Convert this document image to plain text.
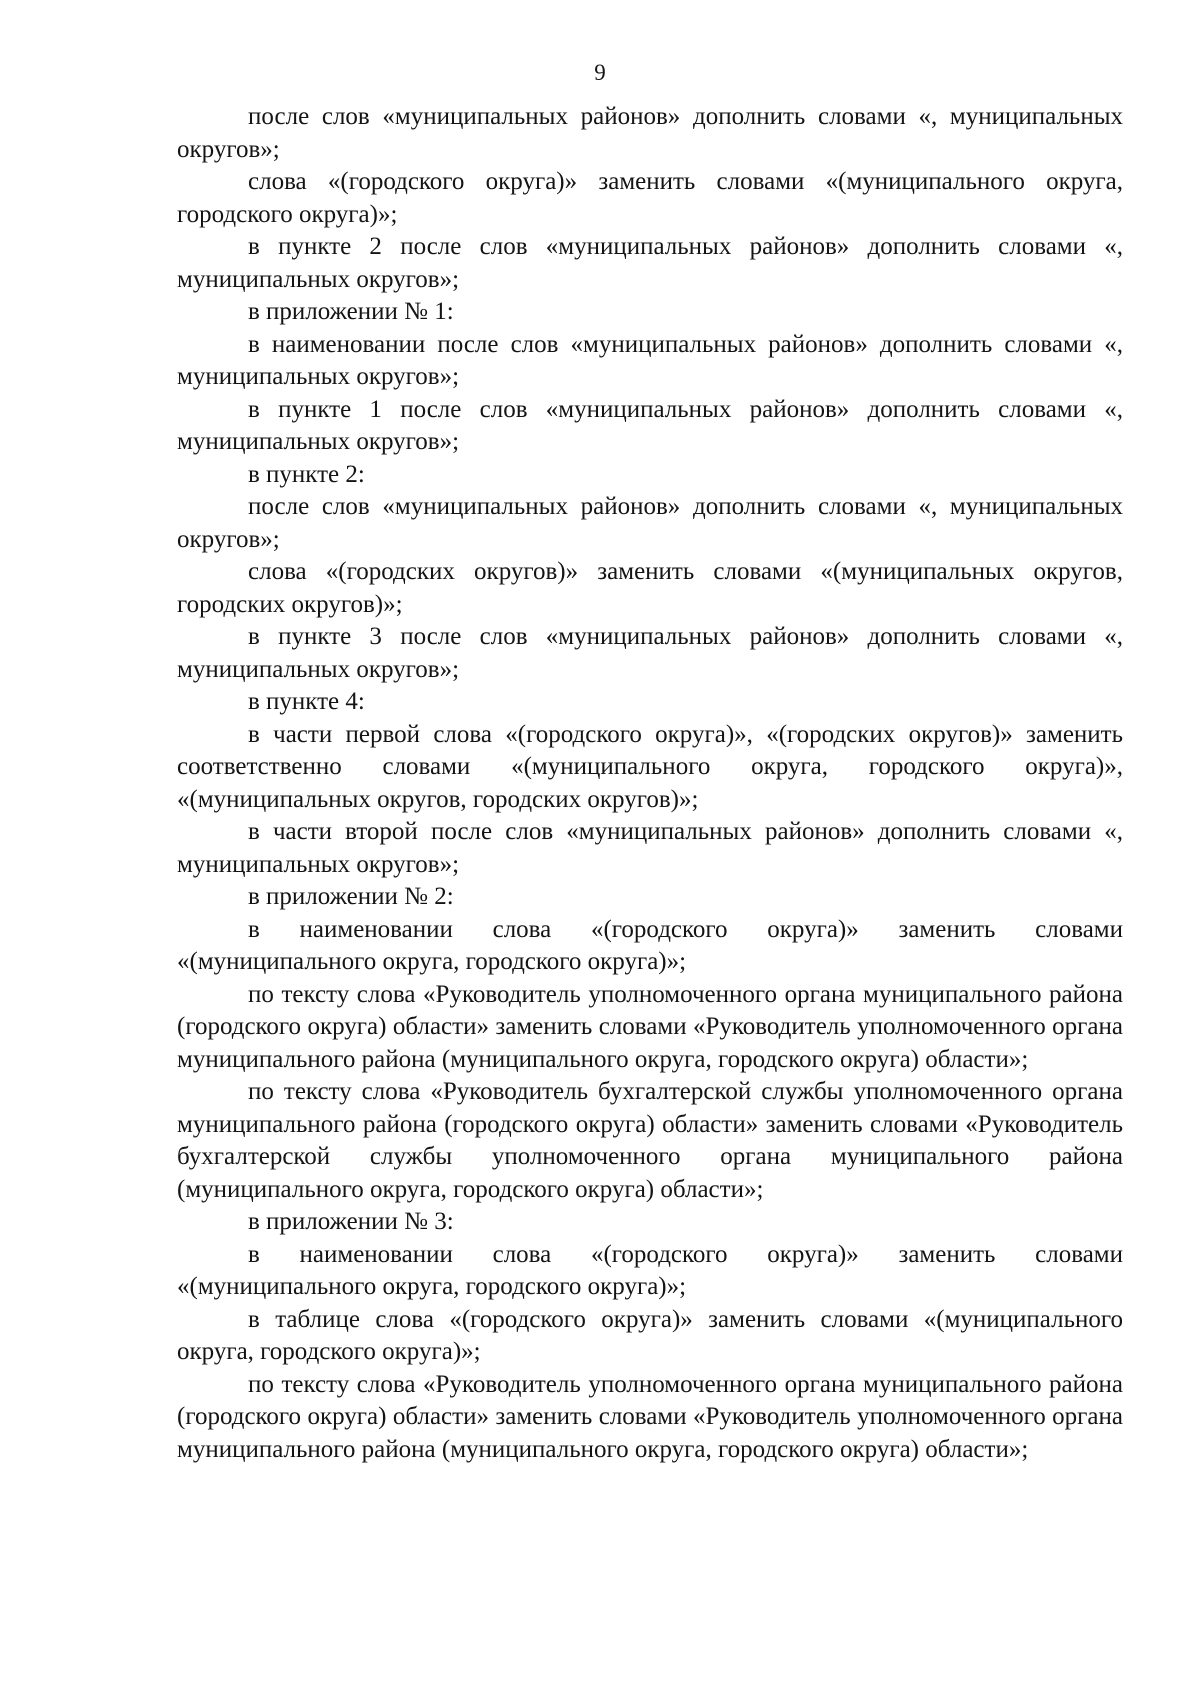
9

после слов «муниципальных районов» дополнить словами «, муниципальных округов»;

слова «(городского округа)» заменить словами «(муниципального округа, городского округа)»;

в пункте 2 после слов «муниципальных районов» дополнить словами «, муниципальных округов»;

в приложении № 1:

в наименовании после слов «муниципальных районов» дополнить словами «, муниципальных округов»;

в пункте 1 после слов «муниципальных районов» дополнить словами «, муниципальных округов»;

в пункте 2:

после слов «муниципальных районов» дополнить словами «, муниципальных округов»;

слова «(городских округов)» заменить словами «(муниципальных округов, городских округов)»;

в пункте 3 после слов «муниципальных районов» дополнить словами «, муниципальных округов»;

в пункте 4:

в части первой слова «(городского округа)», «(городских округов)» заменить соответственно словами «(муниципального округа, городского округа)», «(муниципальных округов, городских округов)»;

в части второй после слов «муниципальных районов» дополнить словами «, муниципальных округов»;

в приложении № 2:

в наименовании слова «(городского округа)» заменить словами «(муниципального округа, городского округа)»;

по тексту слова «Руководитель уполномоченного органа муниципального района (городского округа) области» заменить словами «Руководитель уполномоченного органа муниципального района (муниципального округа, городского округа) области»;

по тексту слова «Руководитель бухгалтерской службы уполномоченного органа муниципального района (городского округа) области» заменить словами «Руководитель бухгалтерской службы уполномоченного органа муниципального района (муниципального округа, городского округа) области»;

в приложении № 3:

в наименовании слова «(городского округа)» заменить словами «(муниципального округа, городского округа)»;

в таблице слова «(городского округа)» заменить словами «(муниципального округа, городского округа)»;

по тексту слова «Руководитель уполномоченного органа муниципального района (городского округа) области» заменить словами «Руководитель уполномоченного органа муниципального района (муниципального округа, городского округа) области»;
